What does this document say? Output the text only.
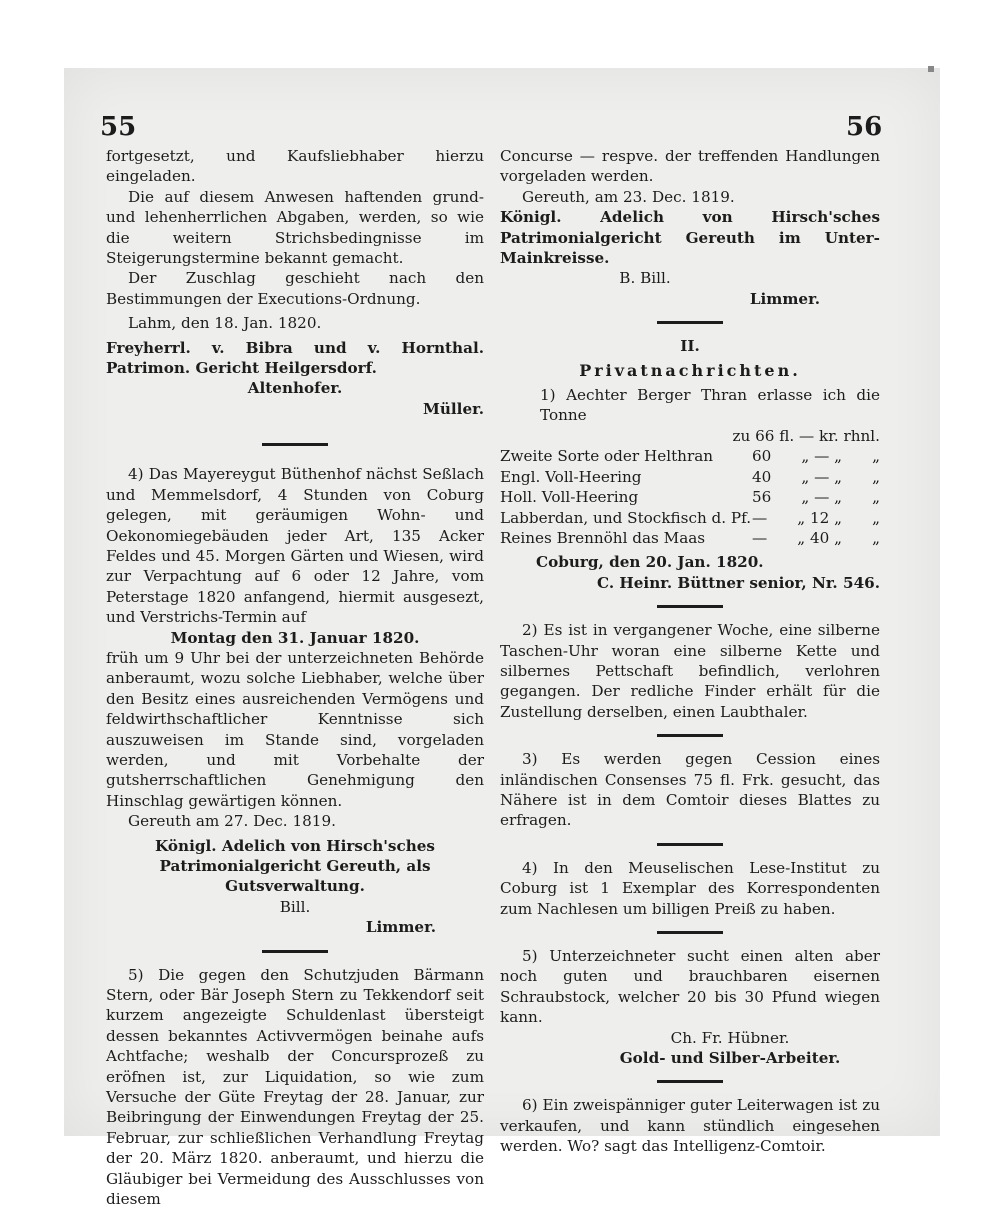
55	56

fortgesetzt, und Kaufsliebhaber hierzu eingeladen.

Die auf diesem Anwesen haftenden grund- und lehenherrlichen Abgaben, werden, so wie die weitern Strichsbedingnisse im Steigerungstermine bekannt gemacht.

Der Zuschlag geschieht nach den Bestimmungen der Executions-Ordnung.

Lahm, den 18. Jan. 1820.

Freyherrl. v. Bibra und v. Hornthal. Patrimon. Gericht Heilgersdorf.

Altenhofer.

Müller.

4) Das Mayereygut Büthenhof nächst Seßlach und Memmelsdorf, 4 Stunden von Coburg gelegen, mit geräumigen Wohn- und Oekonomiegebäuden jeder Art, 135 Acker Feldes und 45. Morgen Gärten und Wiesen, wird zur Verpachtung auf 6 oder 12 Jahre, vom Peterstage 1820 anfangend, hiermit ausgesezt, und Verstrichs-Termin auf

Montag den 31. Januar 1820.

früh um 9 Uhr bei der unterzeichneten Behörde anberaumt, wozu solche Liebhaber, welche über den Besitz eines ausreichenden Vermögens und feldwirthschaftlicher Kenntnisse sich auszuweisen im Stande sind, vorgeladen werden, und mit Vorbehalte der gutsherrschaftlichen Genehmigung den Hinschlag gewärtigen können.

Gereuth am 27. Dec. 1819.

Königl. Adelich von Hirsch'sches Patrimonialgericht Gereuth, als Gutsverwaltung.

Bill.

Limmer.

5) Die gegen den Schutzjuden Bärmann Stern, oder Bär Joseph Stern zu Tekkendorf seit kurzem angezeigte Schuldenlast übersteigt dessen bekanntes Activvermögen beinahe aufs Achtfache; weshalb der Concursprozeß zu eröfnen ist, zur Liquidation, so wie zum Versuche der Güte Freytag der 28. Januar, zur Beibringung der Einwendungen Freytag der 25. Februar, zur schließlichen Verhandlung Freytag der 20. März 1820. anberaumt, und hierzu die Gläubiger bei Vermeidung des Ausschlusses von diesem

Concurse — respve. der treffenden Handlungen vorgeladen werden.

Gereuth, am 23. Dec. 1819.

Königl. Adelich von Hirsch'sches Patrimonialgericht Gereuth im Unter-Mainkreisse.

B. Bill.

Limmer.

II.

Privatnachrichten.

1) Aechter Berger Thran erlasse ich die Tonne

zu 66 fl. — kr. rhnl.

Zweite Sorte oder Helthran	60 „ — „ „
Engl. Voll-Heering	40 „ — „ „
Holl. Voll-Heering	56 „ — „ „
Labberdan, und Stockfisch d. Pf. — „ 12 „ „
Reines Brennöhl das Maas	— „ 40 „ „

Coburg, den 20. Jan. 1820.

C. Heinr. Büttner senior, Nr. 546.

2) Es ist in vergangener Woche, eine silberne Taschen-Uhr woran eine silberne Kette und silbernes Pettschaft befindlich, verlohren gegangen. Der redliche Finder erhält für die Zustellung derselben, einen Laubthaler.

3) Es werden gegen Cession eines inländischen Consenses 75 fl. Frk. gesucht, das Nähere ist in dem Comtoir dieses Blattes zu erfragen.

4) In den Meuselischen Lese-Institut zu Coburg ist 1 Exemplar des Korrespondenten zum Nachlesen um billigen Preiß zu haben.

5) Unterzeichneter sucht einen alten aber noch guten und brauchbaren eisernen Schraubstock, welcher 20 bis 30 Pfund wiegen kann.

Ch. Fr. Hübner.

Gold- und Silber-Arbeiter.

6) Ein zweispänniger guter Leiterwagen ist zu verkaufen, und kann stündlich eingesehen werden. Wo? sagt das Intelligenz-Comtoir.
